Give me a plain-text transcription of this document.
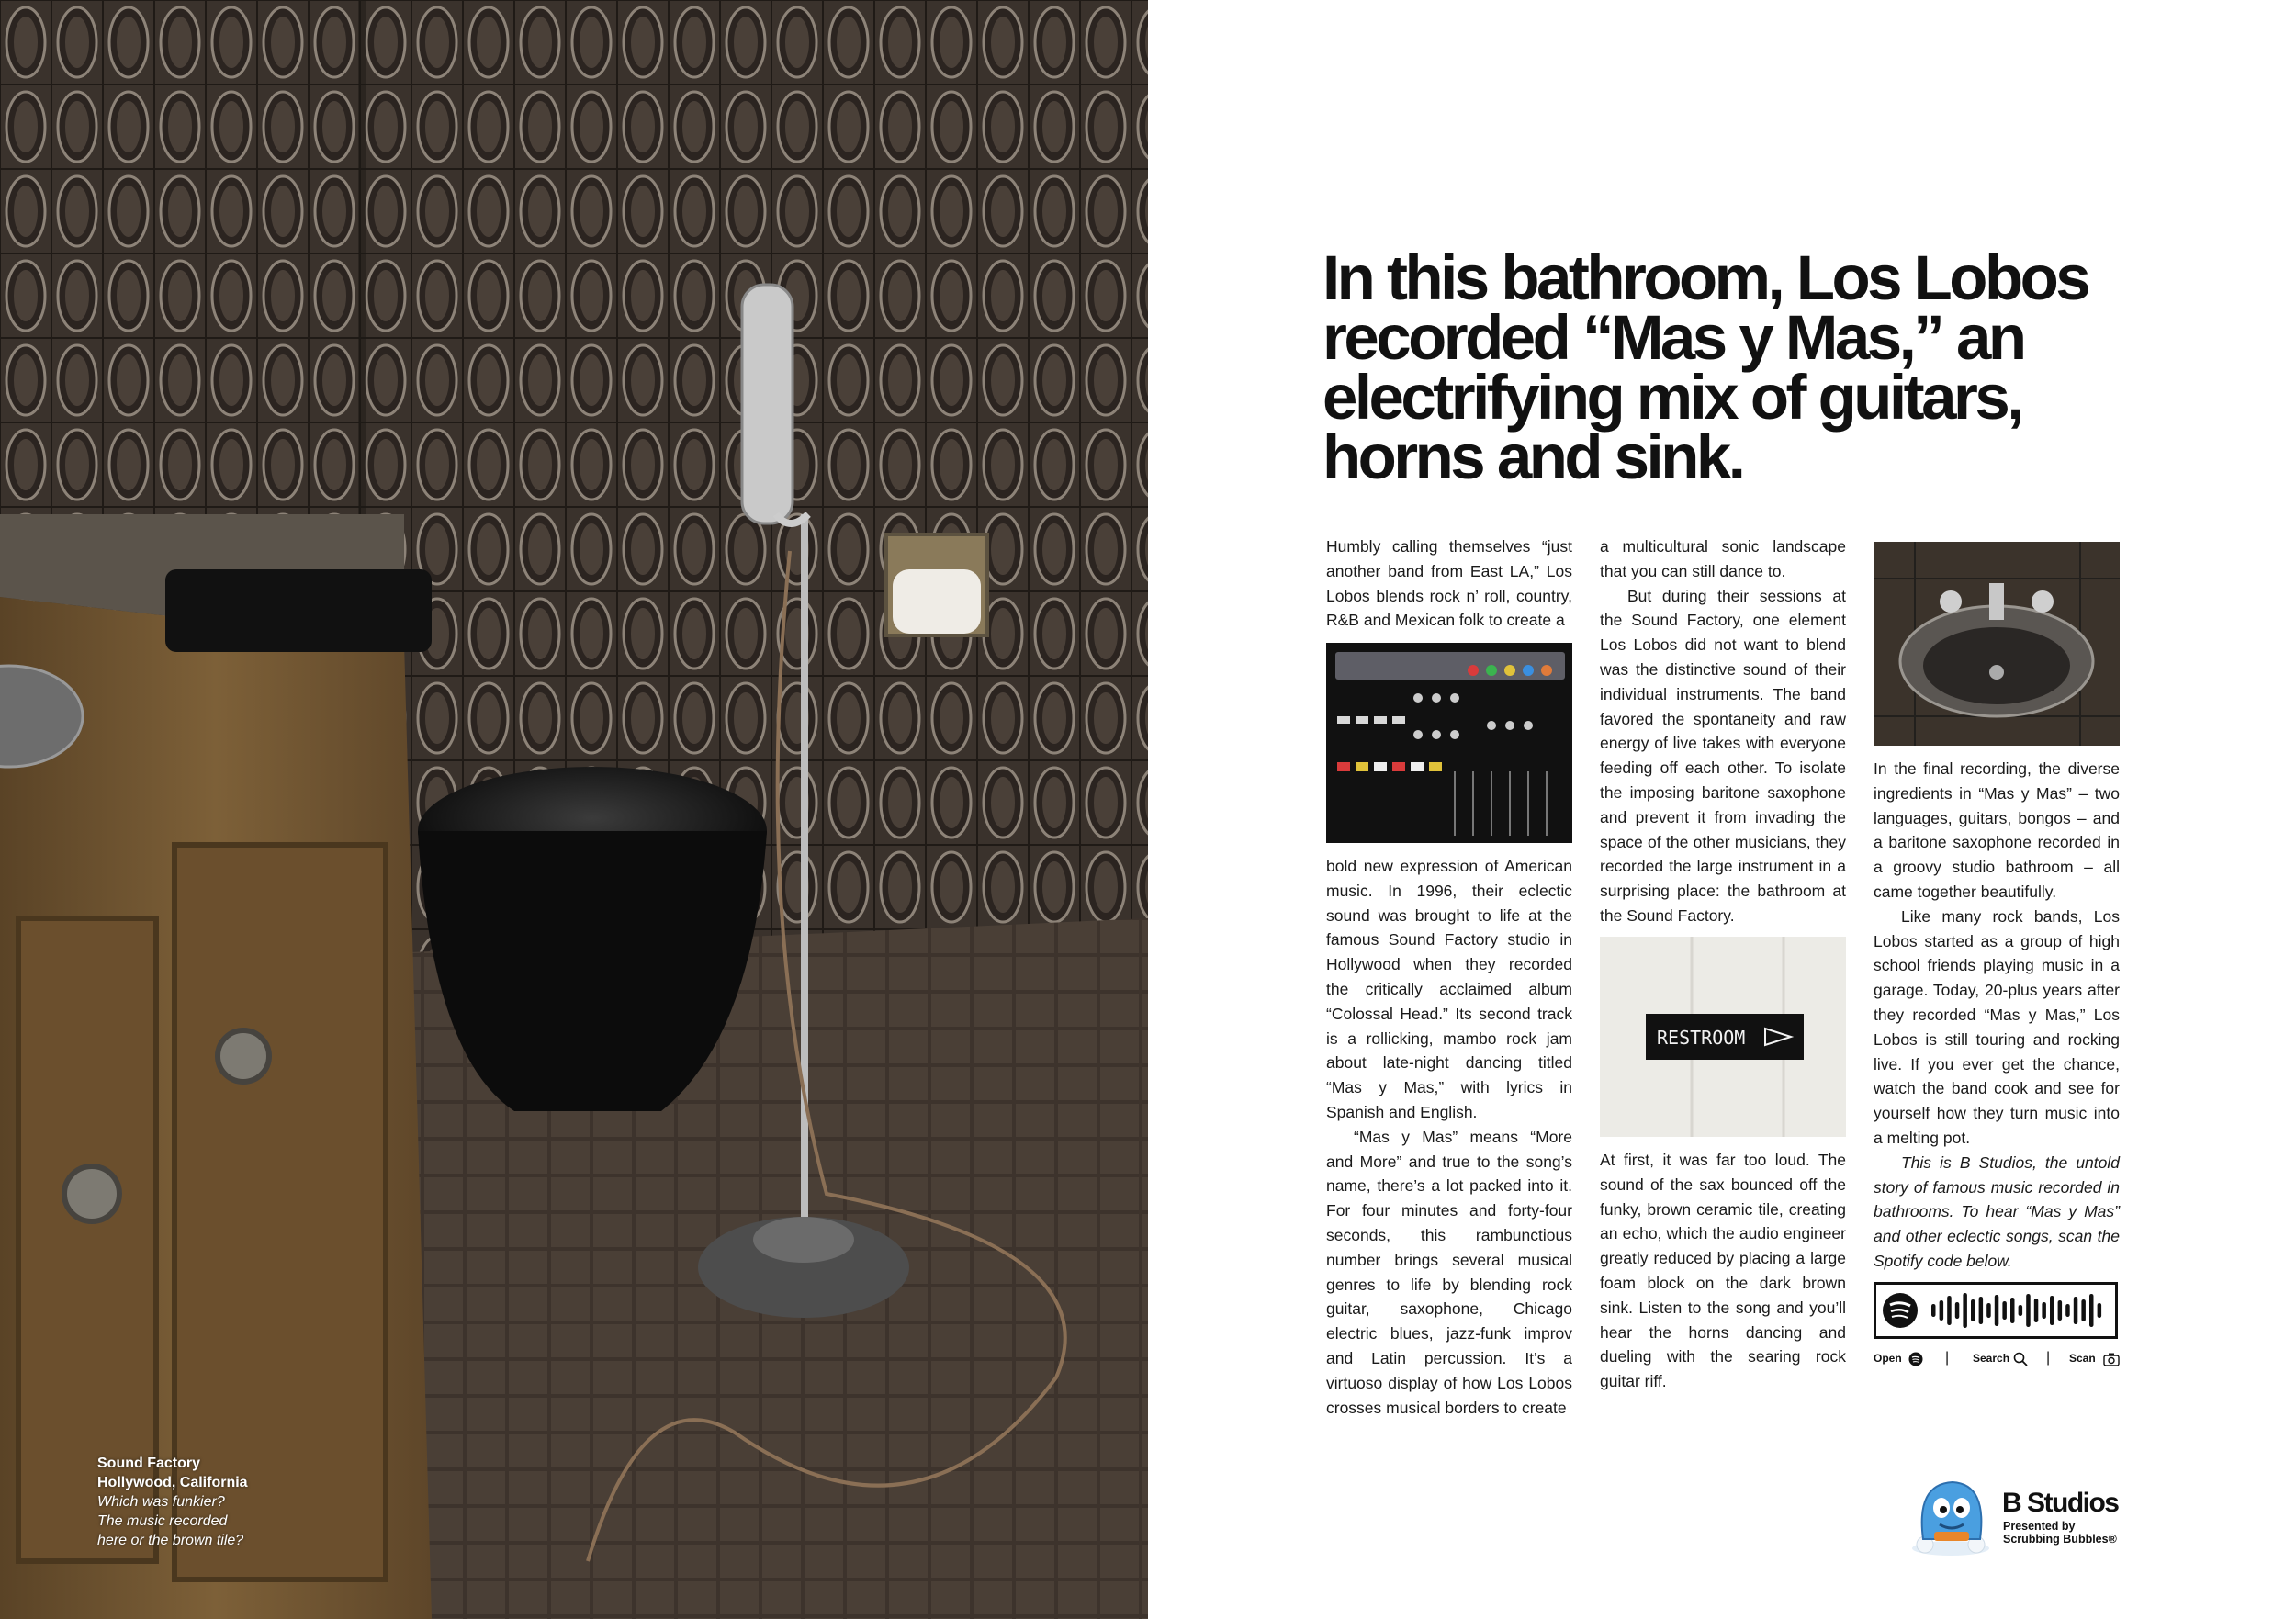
Sound Factory
Hollywood, California
Which was funkier?
The music recorded
here or the brown tile?
In this bathroom, Los Lobos
recorded “Mas y Mas,” an
electrifying mix of guitars,
horns and sink.

Humbly calling themselves “just another band from East LA,” Los Lobos blends rock n’ roll, country, R&B and Mexican folk to create a

bold new expression of American music. In 1996, their eclectic sound was brought to life at the famous Sound Factory studio in Hollywood when they recorded the critically acclaimed album “Colossal Head.” Its second track is a rollicking, mambo rock jam about late-night dancing titled “Mas y Mas,” with lyrics in Spanish and English.

“Mas y Mas” means “More and More” and true to the song’s name, there’s a lot packed into it. For four minutes and forty-four seconds, this rambunctious number brings several musical genres to life by blending rock guitar, saxophone, Chicago electric blues, jazz-funk improv and Latin percussion. It’s a virtuoso display of how Los Lobos crosses musical borders to create

a multicultural sonic landscape that you can still dance to.

But during their sessions at the Sound Factory, one element Los Lobos did not want to blend was the distinctive sound of their individual instruments. The band favored the spontaneity and raw energy of live takes with everyone feeding off each other. To isolate the imposing baritone saxophone and prevent it from invading the space of the other musicians, they recorded the large instrument in a surprising place: the bathroom at the Sound Factory.

RESTROOM

At first, it was far too loud. The sound of the sax bounced off the funky, brown ceramic tile, creating an echo, which the audio engineer greatly reduced by placing a large foam block on the dark brown sink. Listen to the song and you’ll hear the horns dancing and dueling with the searing rock guitar riff.

In the final recording, the diverse ingredients in “Mas y Mas” – two languages, guitars, bongos – and a baritone saxophone recorded in a groovy studio bathroom – all came together beautifully.

Like many rock bands, Los Lobos started as a group of high school friends playing music in a garage. Today, 20-plus years after they recorded “Mas y Mas,” Los Lobos is still touring and rocking live. If you ever get the chance, watch the band cook and see for yourself how they turn music into a melting pot.

This is B Studios, the untold story of famous music recorded in bathrooms. To hear “Mas y Mas” and other eclectic songs, scan the Spotify code below.

Open	| Search | Scan
B Studios
Presented by
Scrubbing Bubbles®
